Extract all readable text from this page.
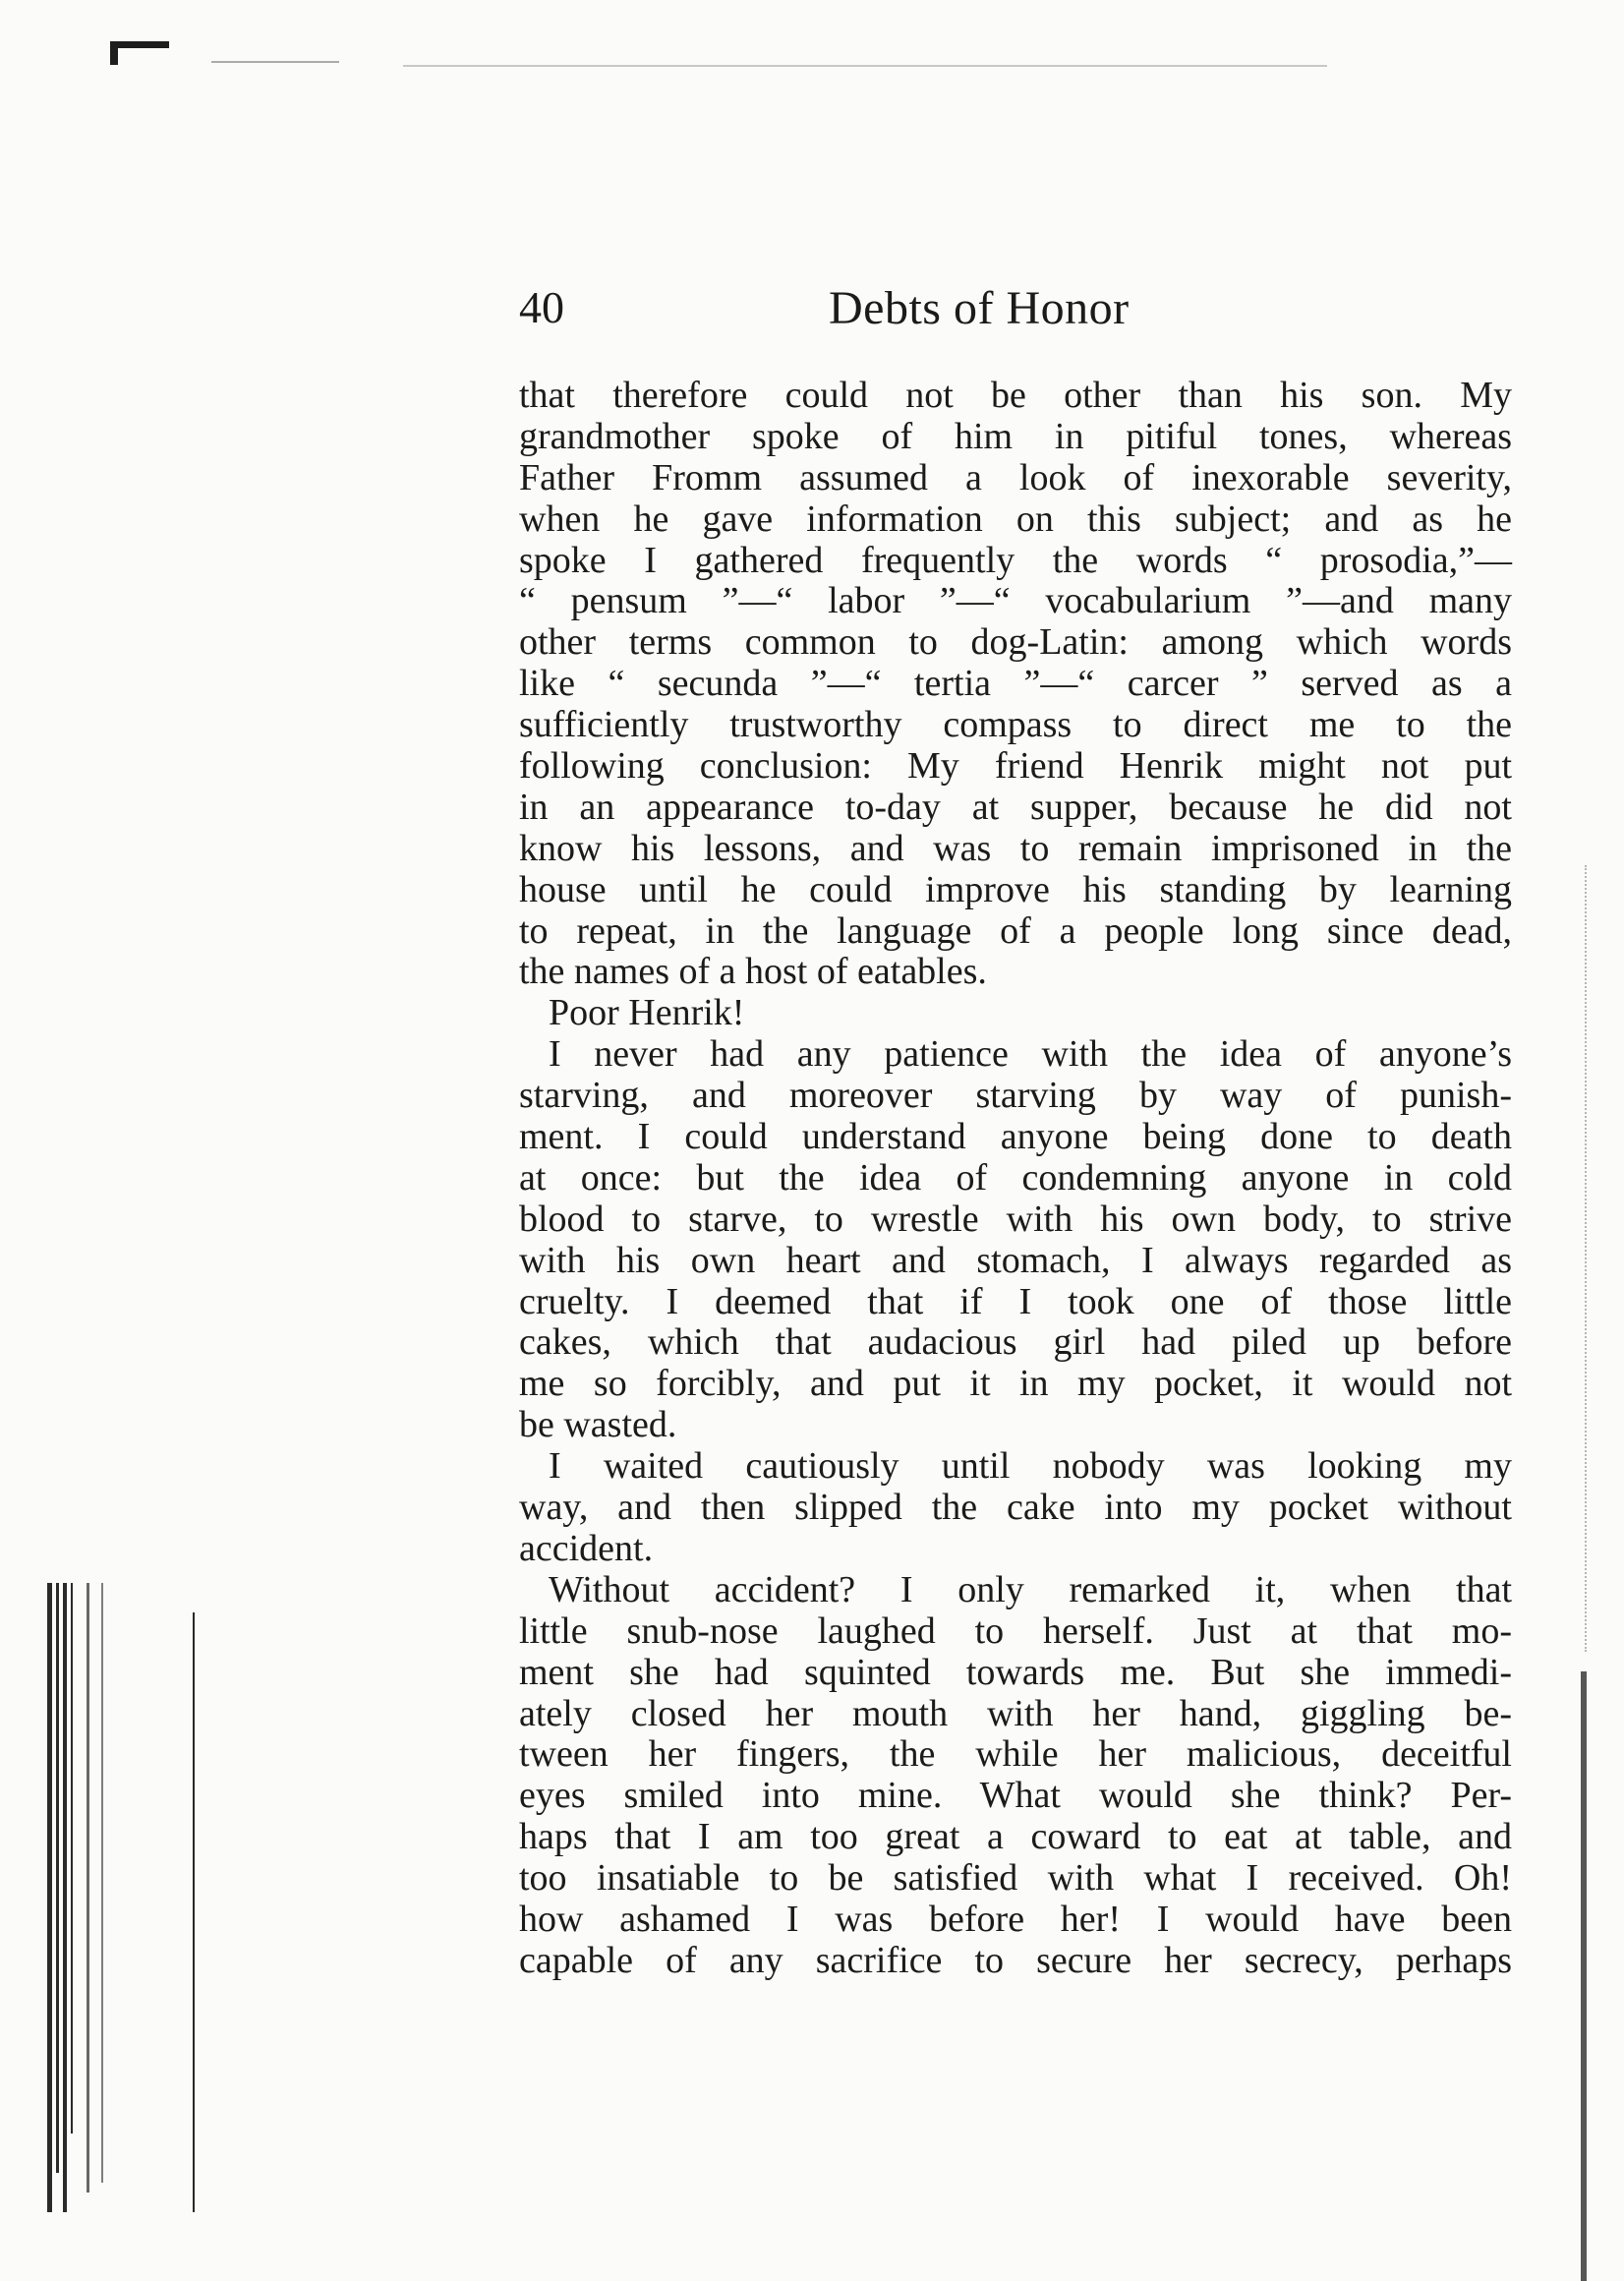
40	Debts of Honor
that therefore could not be other than his son. My
grandmother spoke of him in pitiful tones, whereas
Father Fromm assumed a look of inexorable severity,
when he gave information on this subject; and as he
spoke I gathered frequently the words “ prosodia,”—
“ pensum ”—“ labor ”—“ vocabularium ”—and many
other terms common to dog-Latin: among which words
like “ secunda ”—“ tertia ”—“ carcer ” served as a
sufficiently trustworthy compass to direct me to the
following conclusion: My friend Henrik might not put
in an appearance to-day at supper, because he did not
know his lessons, and was to remain imprisoned in the
house until he could improve his standing by learning
to repeat, in the language of a people long since dead,
the names of a host of eatables.
Poor Henrik!
I never had any patience with the idea of anyone’s
starving, and moreover starving by way of punish-
ment. I could understand anyone being done to death
at once: but the idea of condemning anyone in cold
blood to starve, to wrestle with his own body, to strive
with his own heart and stomach, I always regarded as
cruelty. I deemed that if I took one of those little
cakes, which that audacious girl had piled up before
me so forcibly, and put it in my pocket, it would not
be wasted.
I waited cautiously until nobody was looking my
way, and then slipped the cake into my pocket without
accident.
Without accident? I only remarked it, when that
little snub-nose laughed to herself. Just at that mo-
ment she had squinted towards me. But she immedi-
ately closed her mouth with her hand, giggling be-
tween her fingers, the while her malicious, deceitful
eyes smiled into mine. What would she think? Per-
haps that I am too great a coward to eat at table, and
too insatiable to be satisfied with what I received. Oh!
how ashamed I was before her! I would have been
capable of any sacrifice to secure her secrecy, perhaps
